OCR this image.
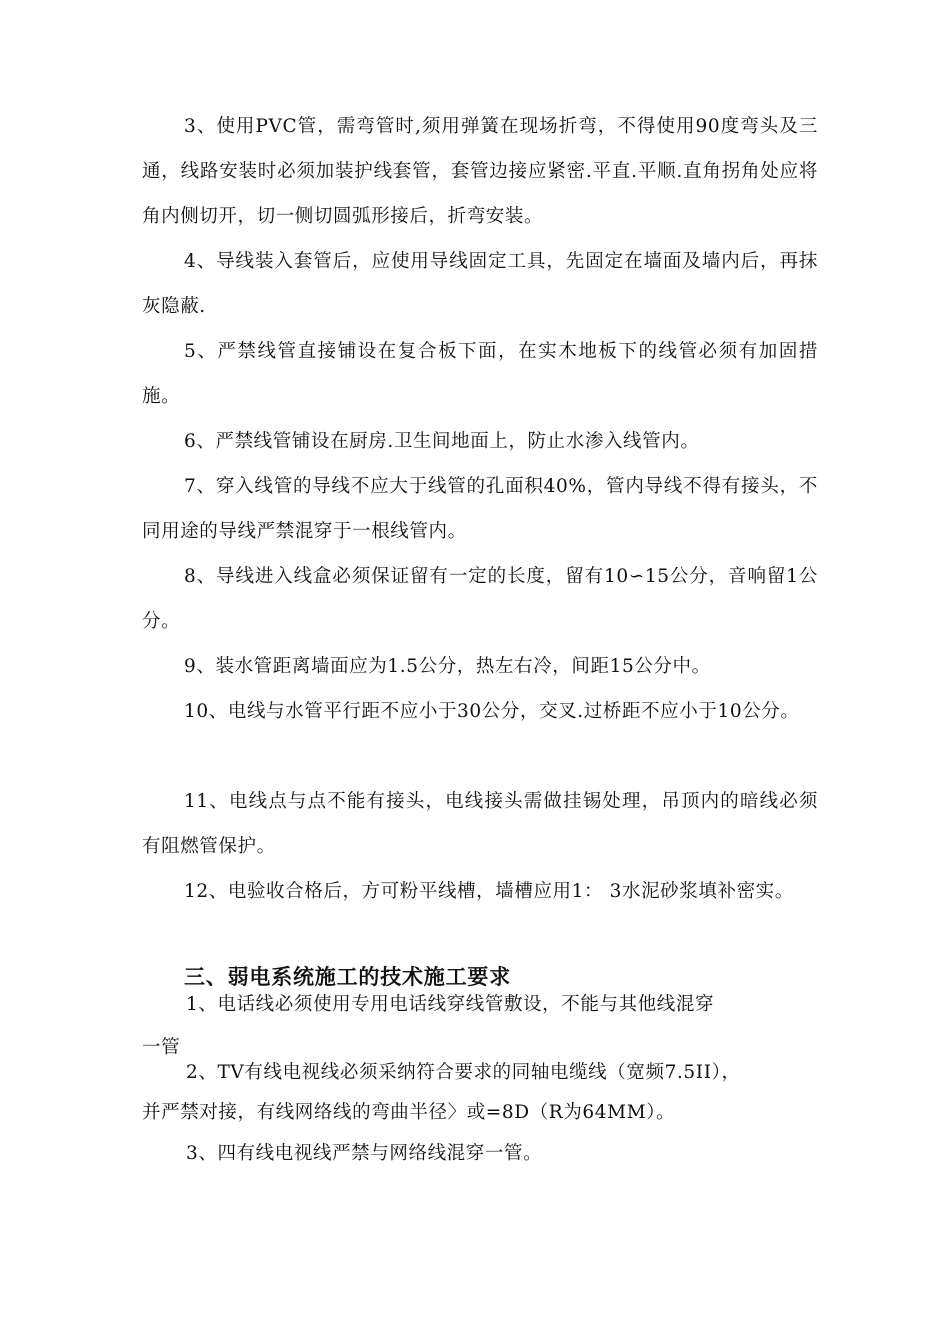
3、使用PVC管，需弯管时,须用弹簧在现场折弯，不得使用90度弯头及三通，线路安装时必须加装护线套管，套管边接应紧密.平直.平顺.直角拐角处应将角内侧切开，切一侧切圆弧形接后，折弯安装。

4、导线装入套管后，应使用导线固定工具，先固定在墙面及墙内后，再抹灰隐蔽.

5、严禁线管直接铺设在复合板下面，在实木地板下的线管必须有加固措施。

6、严禁线管铺设在厨房.卫生间地面上，防止水渗入线管内。

7、穿入线管的导线不应大于线管的孔面积40%，管内导线不得有接头，不同用途的导线严禁混穿于一根线管内。

8、导线进入线盒必须保证留有一定的长度，留有10∽15公分，音响留1公分。

9、装水管距离墙面应为1.5公分，热左右冷，间距15公分中。

10、电线与水管平行距不应小于30公分，交叉.过桥距不应小于10公分。

11、电线点与点不能有接头，电线接头需做挂锡处理，吊顶内的暗线必须有阻燃管保护。

12、电验收合格后，方可粉平线槽，墙槽应用1： 3水泥砂浆填补密实。

三、弱电系统施工的技术施工要求

1、电话线必须使用专用电话线穿线管敷设，不能与其他线混穿

一管

2、TV有线电视线必须采纳符合要求的同轴电缆线（宽频7.5II），

并严禁对接，有线网络线的弯曲半径〉或=8D（R为64MM）。

3、四有线电视线严禁与网络线混穿一管。
